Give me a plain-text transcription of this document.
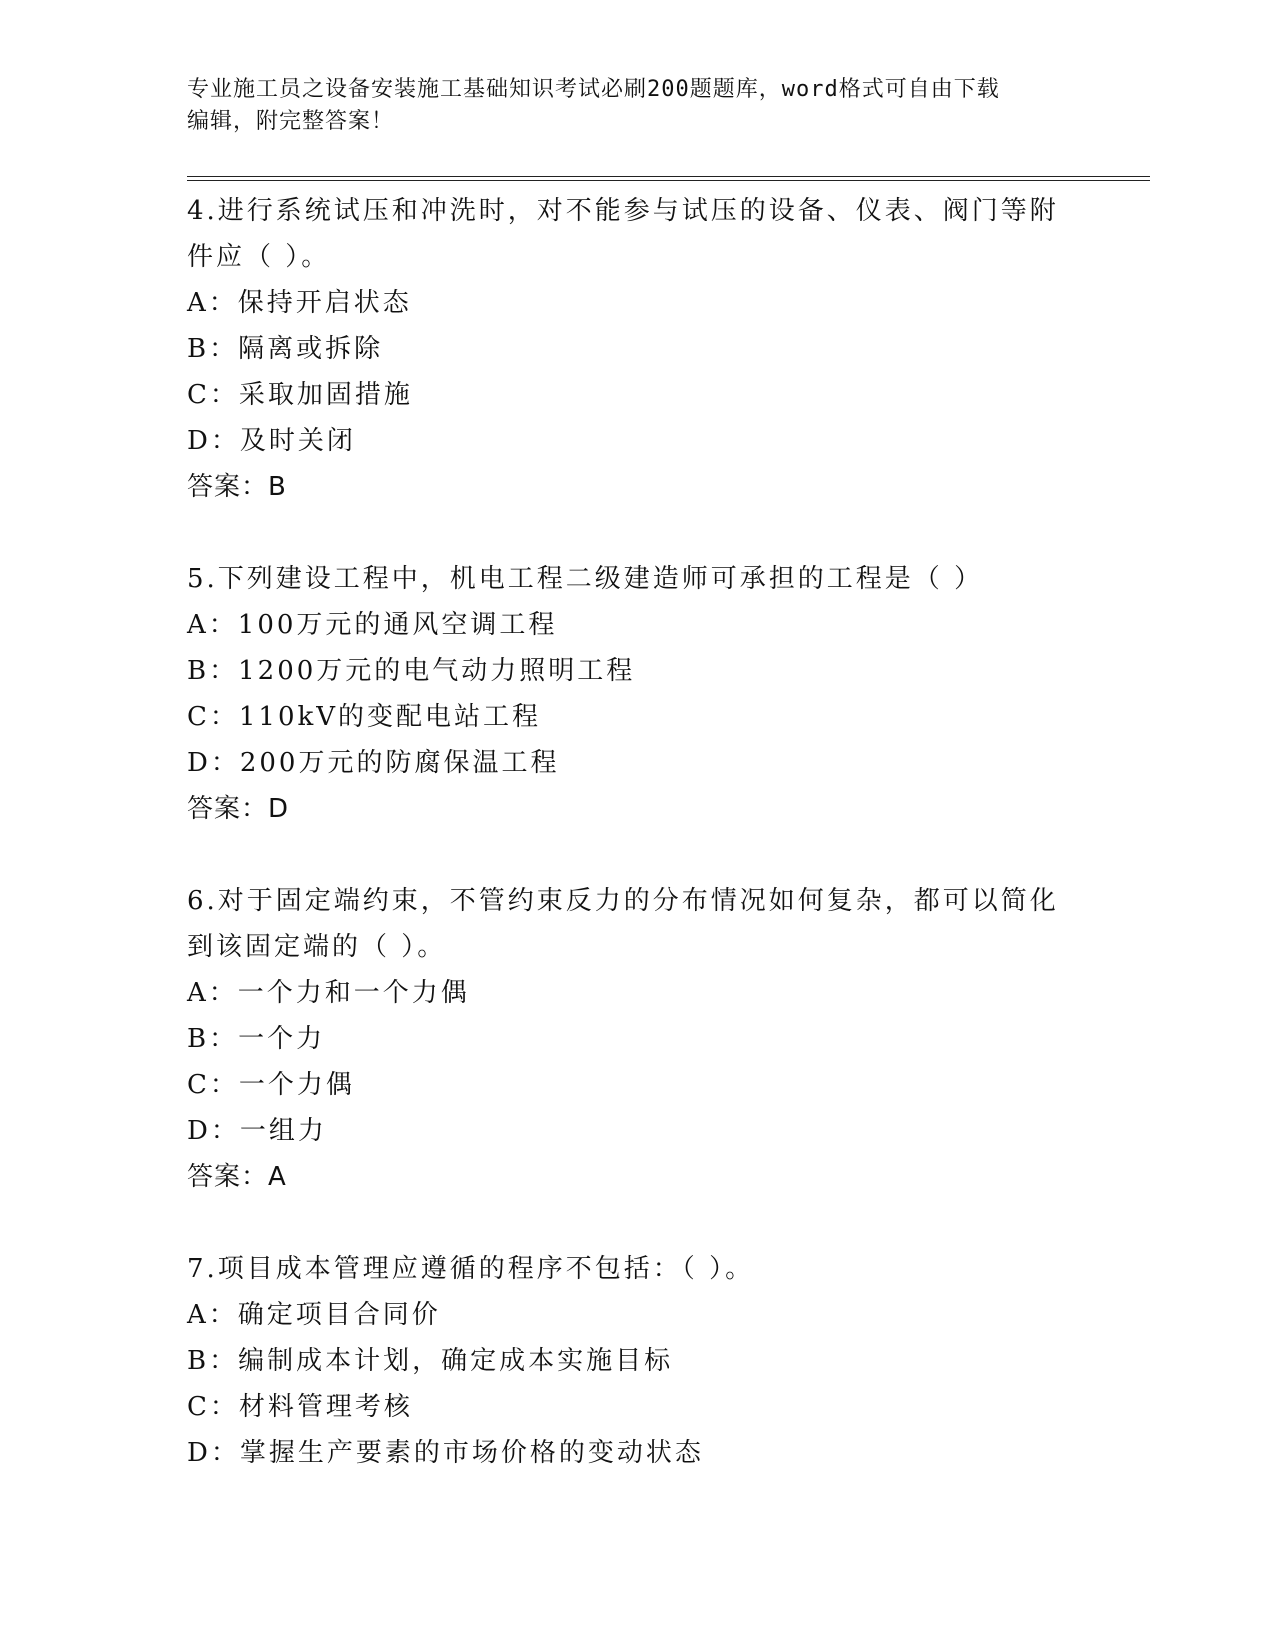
专业施工员之设备安装施工基础知识考试必刷200题题库，word格式可自由下载
编辑，附完整答案！

4.进行系统试压和冲洗时，对不能参与试压的设备、仪表、阀门等附

件应（ ）。

A：保持开启状态

B：隔离或拆除

C：采取加固措施

D：及时关闭

答案：B

5.下列建设工程中，机电工程二级建造师可承担的工程是（ ）

A：100万元的通风空调工程

B：1200万元的电气动力照明工程

C：110kV的变配电站工程

D：200万元的防腐保温工程

答案：D

6.对于固定端约束，不管约束反力的分布情况如何复杂，都可以简化

到该固定端的（ ）。

A：一个力和一个力偶

B：一个力

C：一个力偶

D：一组力

答案：A

7.项目成本管理应遵循的程序不包括：（ ）。

A：确定项目合同价

B：编制成本计划，确定成本实施目标

C：材料管理考核

D：掌握生产要素的市场价格的变动状态
